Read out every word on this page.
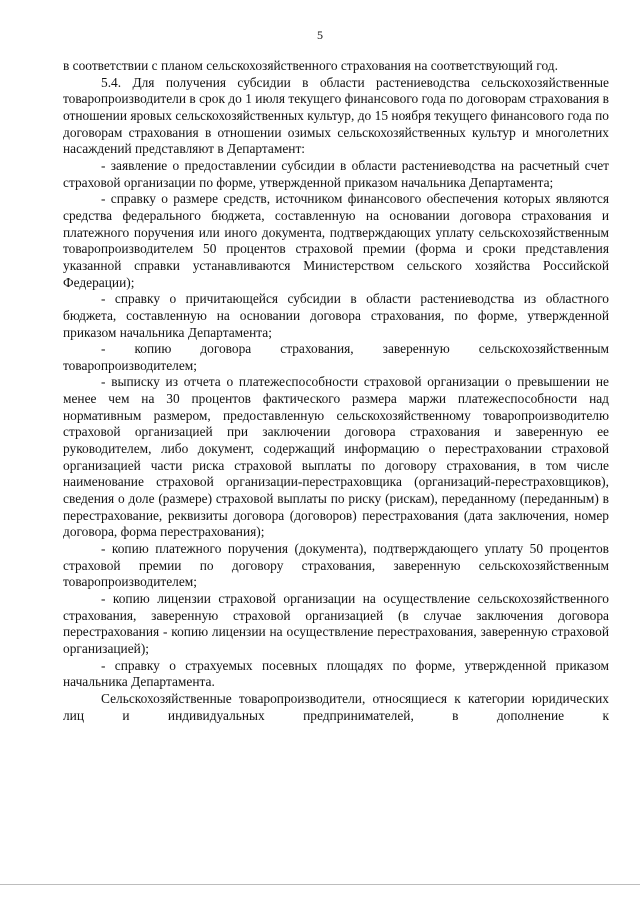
5

в соответствии с планом сельскохозяйственного страхования на соответствующий год.

5.4. Для получения субсидии в области растениеводства сельскохозяйственные товаропроизводители в срок до 1 июля текущего финансового года по договорам страхования в отношении яровых сельскохозяйственных культур, до 15 ноября текущего финансового года по договорам страхования в отношении озимых сельскохозяйственных культур и многолетних насаждений представляют в Департамент:

- заявление о предоставлении субсидии в области растениеводства на расчетный счет страховой организации по форме, утвержденной приказом начальника Департамента;

- справку о размере средств, источником финансового обеспечения которых являются средства федерального бюджета, составленную на основании договора страхования и платежного поручения или иного документа, подтверждающих уплату сельскохозяйственным товаропроизводителем 50 процентов страховой премии (форма и сроки представления указанной справки устанавливаются Министерством сельского хозяйства Российской Федерации);

- справку о причитающейся субсидии в области растениеводства из областного бюджета, составленную на основании договора страхования, по форме, утвержденной приказом начальника Департамента;

- копию договора страхования, заверенную сельскохозяйственным товаропроизводителем;

- выписку из отчета о платежеспособности страховой организации о превышении не менее чем на 30 процентов фактического размера маржи платежеспособности над нормативным размером, предоставленную сельскохозяйственному товаропроизводителю страховой организацией при заключении договора страхования и заверенную ее руководителем, либо документ, содержащий информацию о перестраховании страховой организацией части риска страховой выплаты по договору страхования, в том числе наименование страховой организации-перестраховщика (организаций-перестраховщиков), сведения о доле (размере) страховой выплаты по риску (рискам), переданному (переданным) в перестрахование, реквизиты договора (договоров) перестрахования (дата заключения, номер договора, форма перестрахования);

- копию платежного поручения (документа), подтверждающего уплату 50 процентов страховой премии по договору страхования, заверенную сельскохозяйственным товаропроизводителем;

- копию лицензии страховой организации на осуществление сельскохозяйственного страхования, заверенную страховой организацией (в случае заключения договора перестрахования - копию лицензии на осуществление перестрахования, заверенную страховой организацией);

- справку о страхуемых посевных площадях по форме, утвержденной приказом начальника Департамента.

Сельскохозяйственные товаропроизводители, относящиеся к категории юридических лиц и индивидуальных предпринимателей, в дополнение к
